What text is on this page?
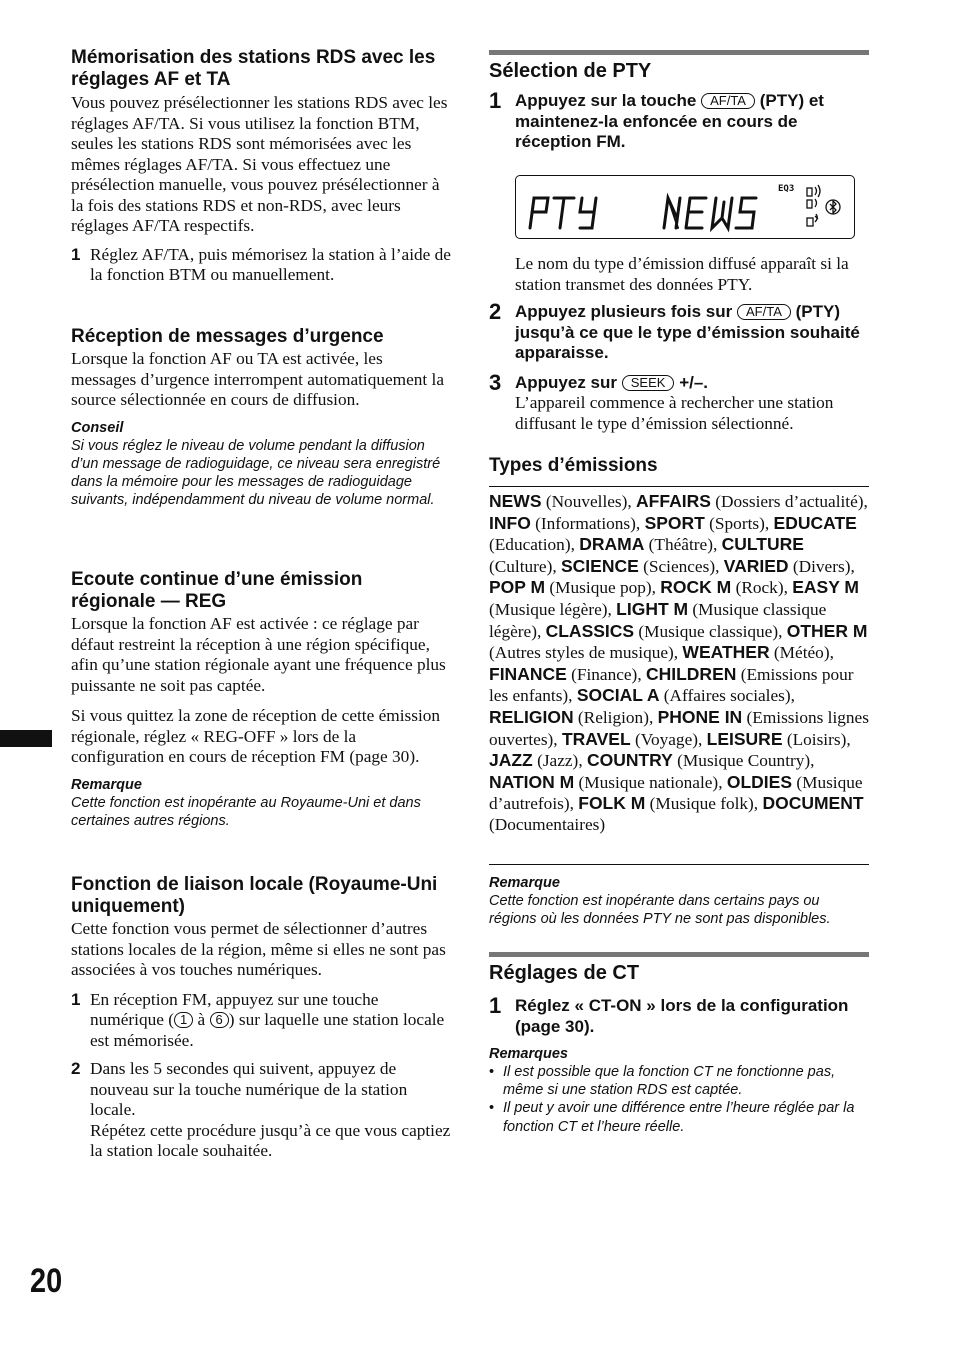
Mémorisation des stations RDS avec les réglages AF et TA

Vous pouvez présélectionner les stations RDS avec les réglages AF/TA. Si vous utilisez la fonction BTM, seules les stations RDS sont mémorisées avec les mêmes réglages AF/TA. Si vous effectuez une présélection manuelle, vous pouvez présélectionner à la fois des stations RDS et non-RDS, avec leurs réglages AF/TA respectifs.

1 Réglez AF/TA, puis mémorisez la station à l’aide de la fonction BTM ou manuellement.

Réception de messages d’urgence

Lorsque la fonction AF ou TA est activée, les messages d’urgence interrompent automatiquement la source sélectionnée en cours de diffusion.

Conseil
Si vous réglez le niveau de volume pendant la diffusion d’un message de radioguidage, ce niveau sera enregistré dans la mémoire pour les messages de radioguidage suivants, indépendamment du niveau de volume normal.
Ecoute continue d’une émission régionale — REG

Lorsque la fonction AF est activée : ce réglage par défaut restreint la réception à une région spécifique, afin qu’une station régionale ayant une fréquence plus puissante ne soit pas captée.

Si vous quittez la zone de réception de cette émission régionale, réglez « REG-OFF » lors de la configuration en cours de réception FM (page 30).

Remarque
Cette fonction est inopérante au Royaume-Uni et dans certaines autres régions.
Fonction de liaison locale (Royaume-Uni uniquement)

Cette fonction vous permet de sélectionner d’autres stations locales de la région, même si elles ne sont pas associées à vos touches numériques.

1 En réception FM, appuyez sur une touche numérique ( 1 à 6 ) sur laquelle une station locale est mémorisée.

2 Dans les 5 secondes qui suivent, appuyez de nouveau sur la touche numérique de la station locale.

Répétez cette procédure jusqu’à ce que vous captiez la station locale souhaitée.

20
Sélection de PTY
1 Appuyez sur la touche AF/TA (PTY) et maintenez-la enfoncée en cours de réception FM.
EQ3

Le nom du type d’émission diffusé apparaît si la station transmet des données PTY.

2 Appuyez plusieurs fois sur AF/TA (PTY) jusqu’à ce que le type d’émission souhaité apparaisse.
3 Appuyez sur SEEK +/–.

L’appareil commence à rechercher une station diffusant le type d’émission sélectionné.

Types d’émissions

NEWS (Nouvelles), AFFAIRS (Dossiers d’actualité), INFO (Informations), SPORT (Sports), EDUCATE (Education), DRAMA (Théâtre), CULTURE (Culture), SCIENCE (Sciences), VARIED (Divers), POP M (Musique pop), ROCK M (Rock), EASY M (Musique légère), LIGHT M (Musique classique légère), CLASSICS (Musique classique), OTHER M (Autres styles de musique), WEATHER (Météo), FINANCE (Finance), CHILDREN (Emissions pour les enfants), SOCIAL A (Affaires sociales), RELIGION (Religion), PHONE IN (Emissions lignes ouvertes), TRAVEL (Voyage), LEISURE (Loisirs), JAZZ (Jazz), COUNTRY (Musique Country), NATION M (Musique nationale), OLDIES (Musique d’autrefois), FOLK M (Musique folk), DOCUMENT (Documentaires)

Remarque
Cette fonction est inopérante dans certains pays ou régions où les données PTY ne sont pas disponibles.
Réglages de CT
1 Réglez « CT-ON » lors de la configuration (page 30).
Remarques
• Il est possible que la fonction CT ne fonctionne pas, même si une station RDS est captée.
• Il peut y avoir une différence entre l’heure réglée par la fonction CT et l’heure réelle.
